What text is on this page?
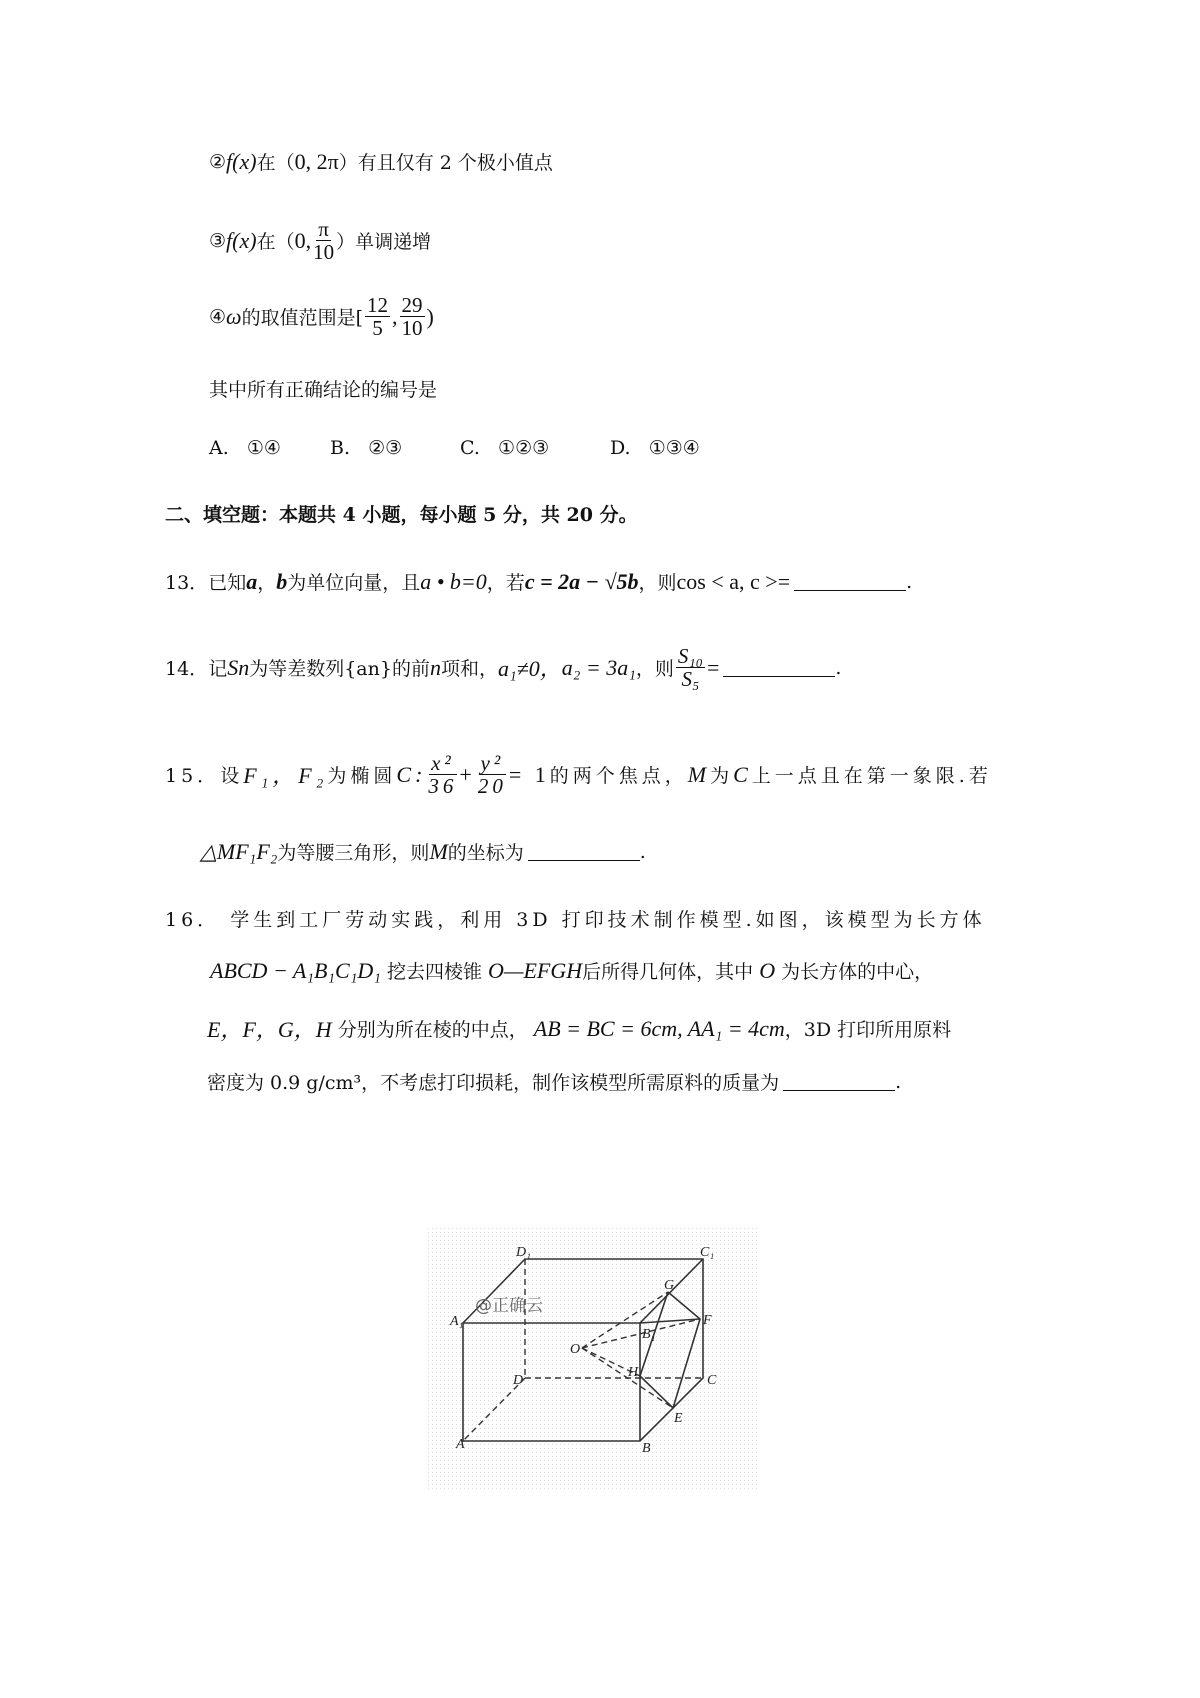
② f(x) 在（ 0, 2π ）有且仅有 2 个极小值点
③ f(x) 在（ 0, $\frac{\pi}{10}$ ）单调递增
④ ω 的取值范围是[ $\frac{12}{5}$ , $\frac{29}{10}$ )
其中所有正确结论的编号是
A. ①④	B. ②③	C. ①②③	D. ①③④
二、填空题：本题共 4 小题，每小题 5 分，共 20 分。
13． 已知 a ， b 为单位向量，且 a • b=0 ，若 c = 2a − √5b ，则 cos < a, c >=	.
14． 记 Sn 为等差数列{an}的前 n 项和， a₁≠0， a₂ = 3a₁ ，则 $\frac{\text{S₁₀}}{\text{S₅}}$ =	.
15． 设 F₁，F₂ 为椭圆 C: $\frac{\text{x²}}{36} + \frac{\text{y²}}{20} = 1$ 的两个焦点， M 为 C 上一点且在第一象限.若
△MF₁F₂ 为等腰三角形，则 M 的坐标为	.
16．
学生到工厂劳动实践，利用 3D 打印技术制作模型.如图，该模型为长方体
ABCD − A₁B₁C₁D₁
挖去四棱锥
O—EFGH 后所得几何体，其中
O
为长方体的中心，
E，F，G，H
分别为所在棱的中点，
AB = BC = 6cm, AA₁ = 4cm ，3D 打印所用原料
密度为 0.9 g/cm³，不考虑打印损耗，制作该模型所需原料的质量为	.
@正确云
A	B
C
D
A₁
B₁
C₁
D₁
E
F
G
H
O
